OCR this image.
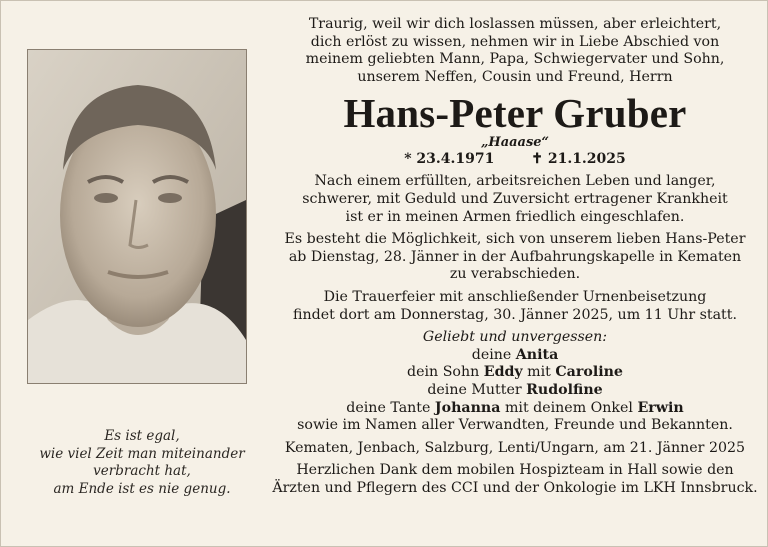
Es ist egal,
wie viel Zeit man miteinander
verbracht hat,
am Ende ist es nie genug.
Traurig, weil wir dich loslassen müssen, aber erleichtert,
dich erlöst zu wissen, nehmen wir in Liebe Abschied von
meinem geliebten Mann, Papa, Schwiegervater und Sohn,
unserem Neffen, Cousin und Freund, Herrn
Hans-Peter Gruber
„Haaase“
* 23.4.1971	✝ 21.1.2025
Nach einem erfüllten, arbeitsreichen Leben und langer,
schwerer, mit Geduld und Zuversicht ertragener Krankheit
ist er in meinen Armen friedlich eingeschlafen.
Es besteht die Möglichkeit, sich von unserem lieben Hans-Peter
ab Dienstag, 28. Jänner in der Aufbahrungskapelle in Kematen
zu verabschieden.
Die Trauerfeier mit anschließender Urnenbeisetzung
findet dort am Donnerstag, 30. Jänner 2025, um 11 Uhr statt.
Geliebt und unvergessen:
deine Anita
dein Sohn Eddy mit Caroline
deine Mutter Rudolfine
deine Tante Johanna mit deinem Onkel Erwin
sowie im Namen aller Verwandten, Freunde und Bekannten.
Kematen, Jenbach, Salzburg, Lenti/Ungarn, am 21. Jänner 2025
Herzlichen Dank dem mobilen Hospizteam in Hall sowie den
Ärzten und Pflegern des CCI und der Onkologie im LKH Innsbruck.
